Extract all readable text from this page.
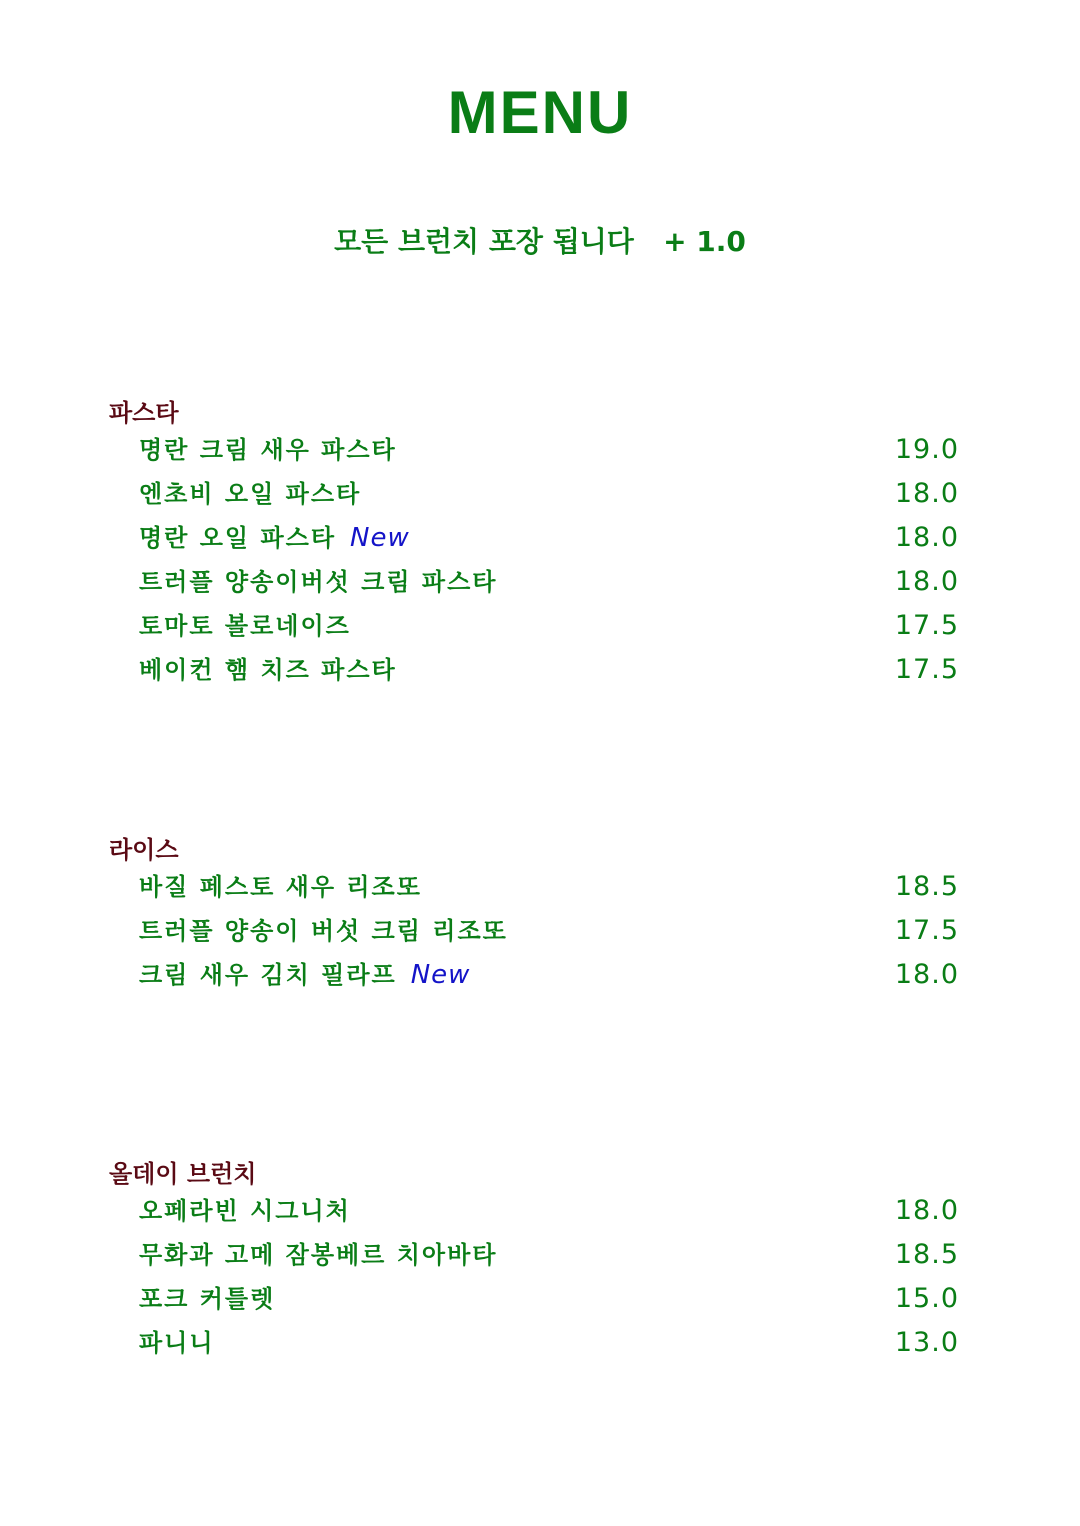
MENU
모든 브런치 포장 됩니다   + 1.0
파스타
명란 크림 새우 파스타	19.0
엔초비 오일 파스타	18.0
명란 오일 파스타 New	18.0
트러플 양송이버섯 크림 파스타	18.0
토마토 볼로네이즈	17.5
베이컨 햄 치즈 파스타	17.5
라이스
바질 페스토 새우 리조또	18.5
트러플 양송이 버섯 크림 리조또	17.5
크림 새우 김치 필라프 New	18.0
올데이 브런치
오페라빈 시그니처	18.0
무화과 고메 잠봉베르 치아바타	18.5
포크 커틀렛	15.0
파니니	13.0
